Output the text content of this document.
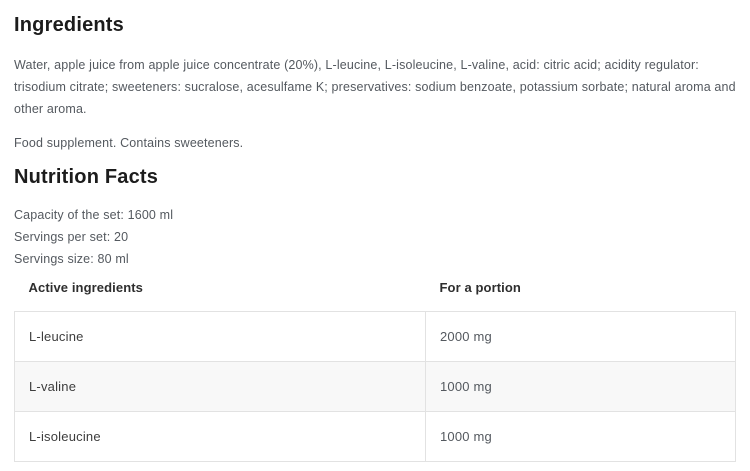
Ingredients

Water, apple juice from apple juice concentrate (20%), L-leucine, L-isoleucine, L-valine, acid: citric acid; acidity regulator: trisodium citrate; sweeteners: sucralose, acesulfame K; preservatives: sodium benzoate, potassium sorbate; natural aroma and other aroma.

Food supplement. Contains sweeteners.

Nutrition Facts

Capacity of the set: 1600 ml

Servings per set: 20

Servings size: 80 ml

Active ingredients	For a portion
L-leucine	2000 mg
L-valine	1000 mg
L-isoleucine	1000 mg
